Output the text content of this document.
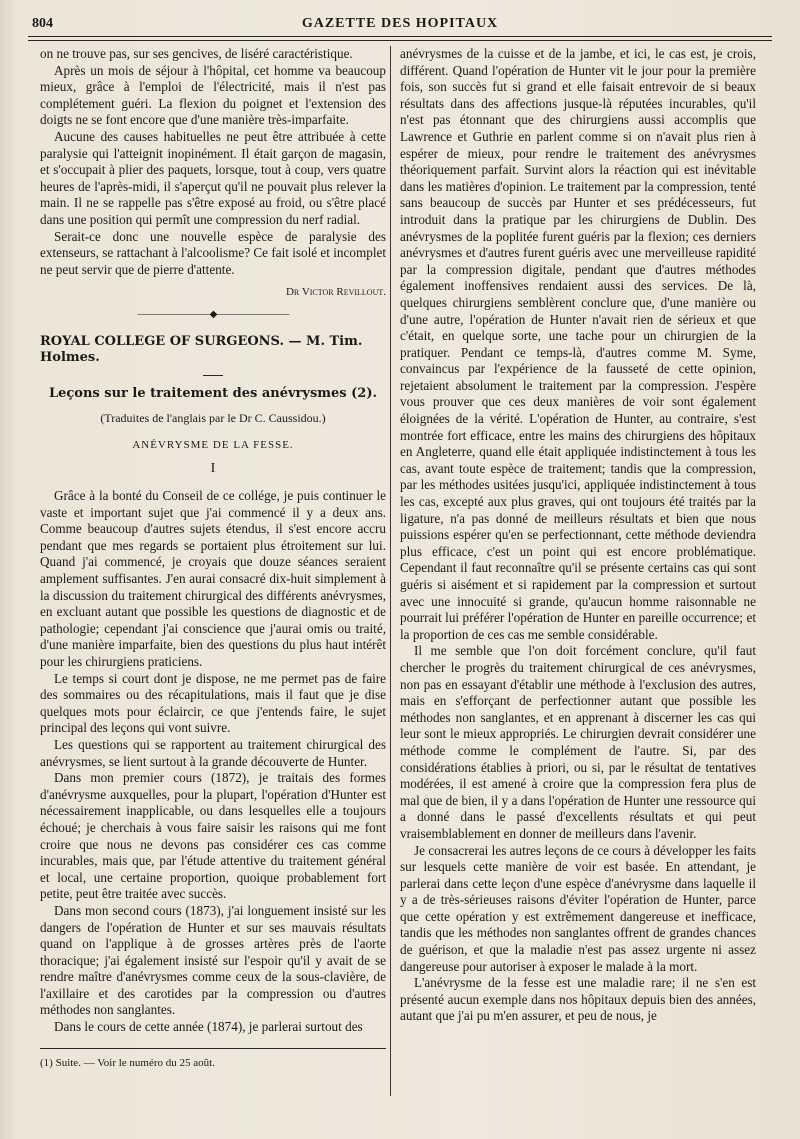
804	GAZETTE DES HOPITAUX

on ne trouve pas, sur ses gencives, de liséré caractéristique.

Après un mois de séjour à l'hôpital, cet homme va beaucoup mieux, grâce à l'emploi de l'électricité, mais il n'est pas complétement guéri. La flexion du poignet et l'extension des doigts ne se font encore que d'une manière très-imparfaite.

Aucune des causes habituelles ne peut être attribuée à cette paralysie qui l'atteignit inopinément. Il était garçon de magasin, et s'occupait à plier des paquets, lorsque, tout à coup, vers quatre heures de l'après-midi, il s'aperçut qu'il ne pouvait plus relever la main. Il ne se rappelle pas s'être exposé au froid, ou s'être placé dans une position qui permît une compression du nerf radial.

Serait-ce donc une nouvelle espèce de paralysie des extenseurs, se rattachant à l'alcoolisme? Ce fait isolé et incomplet ne peut servir que de pierre d'attente.

Dr Victor Revillout.
————————◆————————
ROYAL COLLEGE OF SURGEONS. — M. Tim. Holmes.
Leçons sur le traitement des anévrysmes (2).
(Traduites de l'anglais par le Dr C. Caussidou.)
ANÉVRYSME DE LA FESSE.
I

Grâce à la bonté du Conseil de ce collége, je puis continuer le vaste et important sujet que j'ai commencé il y a deux ans. Comme beaucoup d'autres sujets étendus, il s'est encore accru pendant que mes regards se portaient plus étroitement sur lui. Quand j'ai commencé, je croyais que douze séances seraient amplement suffisantes. J'en aurai consacré dix-huit simplement à la discussion du traitement chirurgical des différents anévrysmes, en excluant autant que possible les questions de diagnostic et de pathologie; cependant j'ai conscience que j'aurai omis ou traité, d'une manière imparfaite, bien des questions du plus haut intérêt pour les chirurgiens praticiens.

Le temps si court dont je dispose, ne me permet pas de faire des sommaires ou des récapitulations, mais il faut que je dise quelques mots pour éclaircir, ce que j'entends faire, le sujet principal des leçons qui vont suivre.

Les questions qui se rapportent au traitement chirurgical des anévrysmes, se lient surtout à la grande découverte de Hunter.

Dans mon premier cours (1872), je traitais des formes d'anévrysme auxquelles, pour la plupart, l'opération d'Hunter est nécessairement inapplicable, ou dans lesquelles elle a toujours échoué; je cherchais à vous faire saisir les raisons qui me font croire que nous ne devons pas considérer ces cas comme incurables, mais que, par l'étude attentive du traitement général et local, une certaine proportion, quoique probablement fort petite, peut être traitée avec succès.

Dans mon second cours (1873), j'ai longuement insisté sur les dangers de l'opération de Hunter et sur ses mauvais résultats quand on l'applique à de grosses artères près de l'aorte thoracique; j'ai également insisté sur l'espoir qu'il y avait de se rendre maître d'anévrysmes comme ceux de la sous-clavière, de l'axillaire et des carotides par la compression ou d'autres méthodes non sanglantes.

Dans le cours de cette année (1874), je parlerai surtout des

(1) Suite. — Voir le numéro du 25 août.

anévrysmes de la cuisse et de la jambe, et ici, le cas est, je crois, différent. Quand l'opération de Hunter vit le jour pour la première fois, son succès fut si grand et elle faisait entrevoir de si beaux résultats dans des affections jusque-là réputées incurables, qu'il n'est pas étonnant que des chirurgiens aussi accomplis que Lawrence et Guthrie en parlent comme si on n'avait plus rien à espérer de mieux, pour rendre le traitement des anévrysmes théoriquement parfait. Survint alors la réaction qui est inévitable dans les matières d'opinion. Le traitement par la compression, tenté sans beaucoup de succès par Hunter et ses prédécesseurs, fut introduit dans la pratique par les chirurgiens de Dublin. Des anévrysmes de la poplitée furent guéris par la flexion; ces derniers anévrysmes et d'autres furent guéris avec une merveilleuse rapidité par la compression digitale, pendant que d'autres méthodes également inoffensives rendaient aussi des services. De là, quelques chirurgiens semblèrent conclure que, d'une manière ou d'une autre, l'opération de Hunter n'avait rien de sérieux et que c'était, en quelque sorte, une tache pour un chirurgien de la pratiquer. Pendant ce temps-là, d'autres comme M. Syme, convaincus par l'expérience de la fausseté de cette opinion, rejetaient absolument le traitement par la compression. J'espère vous prouver que ces deux manières de voir sont également éloignées de la vérité. L'opération de Hunter, au contraire, s'est montrée fort efficace, entre les mains des chirurgiens des hôpitaux en Angleterre, quand elle était appliquée indistinctement à tous les cas, avant toute espèce de traitement; tandis que la compression, par les méthodes usitées jusqu'ici, appliquée indistinctement à tous les cas, excepté aux plus graves, qui ont toujours été traités par la ligature, n'a pas donné de meilleurs résultats et bien que nous puissions espérer qu'en se perfectionnant, cette méthode deviendra plus efficace, c'est un point qui est encore problématique. Cependant il faut reconnaître qu'il se présente certains cas qui sont guéris si aisément et si rapidement par la compression et surtout avec une innocuité si grande, qu'aucun homme raisonnable ne pourrait lui préférer l'opération de Hunter en pareille occurrence; et la proportion de ces cas me semble considérable.

Il me semble que l'on doit forcément conclure, qu'il faut chercher le progrès du traitement chirurgical de ces anévrysmes, non pas en essayant d'établir une méthode à l'exclusion des autres, mais en s'efforçant de perfectionner autant que possible les méthodes non sanglantes, et en apprenant à discerner les cas qui leur sont le mieux appropriés. Le chirurgien devrait considérer une méthode comme le complément de l'autre. Si, par des considérations établies à priori, ou si, par le résultat de tentatives modérées, il est amené à croire que la compression fera plus de mal que de bien, il y a dans l'opération de Hunter une ressource qui a donné dans le passé d'excellents résultats et qui peut vraisemblablement en donner de meilleurs dans l'avenir.

Je consacrerai les autres leçons de ce cours à développer les faits sur lesquels cette manière de voir est basée. En attendant, je parlerai dans cette leçon d'une espèce d'anévrysme dans laquelle il y a de très-sérieuses raisons d'éviter l'opération de Hunter, parce que cette opération y est extrêmement dangereuse et inefficace, tandis que les méthodes non sanglantes offrent de grandes chances de guérison, et que la maladie n'est pas assez urgente ni assez dangereuse pour autoriser à exposer le malade à la mort.

L'anévrysme de la fesse est une maladie rare; il ne s'en est présenté aucun exemple dans nos hôpitaux depuis bien des années, autant que j'ai pu m'en assurer, et peu de nous, je
